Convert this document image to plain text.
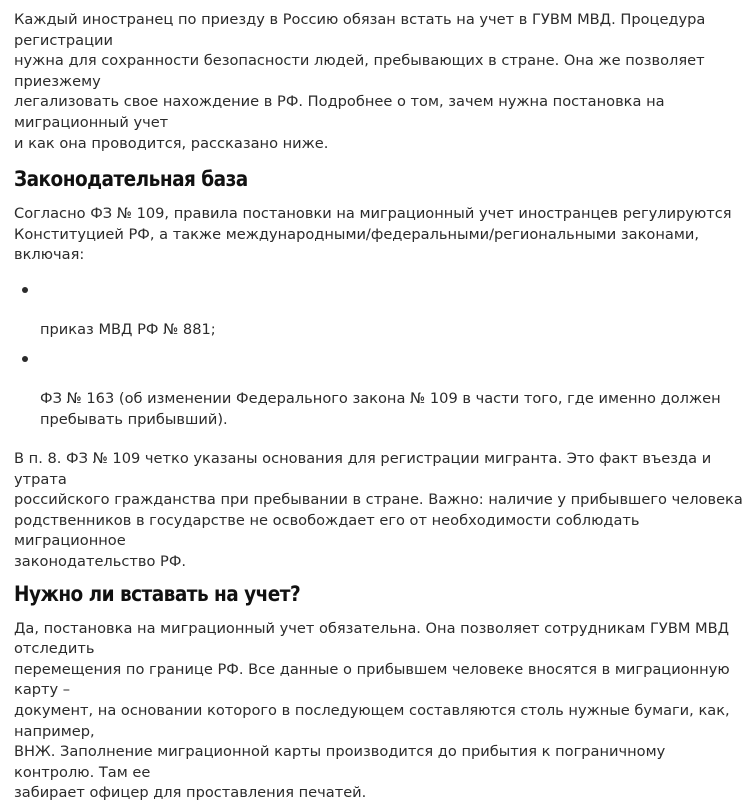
Каждый иностранец по приезду в Россию обязан встать на учет в ГУВМ МВД. Процедура регистрации
нужна для сохранности безопасности людей, пребывающих в стране. Она же позволяет приезжему
легализовать свое нахождение в РФ. Подробнее о том, зачем нужна постановка на миграционный учет
и как она проводится, рассказано ниже.

Законодательная база

Согласно ФЗ № 109, правила постановки на миграционный учет иностранцев регулируются
Конституцией РФ, а также международными/федеральными/региональными законами, включая:

приказ МВД РФ № 881;

ФЗ № 163 (об изменении Федерального закона № 109 в части того, где именно должен
пребывать прибывший).

В п. 8. ФЗ № 109 четко указаны основания для регистрации мигранта. Это факт въезда и утрата
российского гражданства при пребывании в стране. Важно: наличие у прибывшего человека
родственников в государстве не освобождает его от необходимости соблюдать миграционное
законодательство РФ.

Нужно ли вставать на учет?

Да, постановка на миграционный учет обязательна. Она позволяет сотрудникам ГУВМ МВД отследить
перемещения по границе РФ. Все данные о прибывшем человеке вносятся в миграционную карту –
документ, на основании которого в последующем составляются столь нужные бумаги, как, например,
ВНЖ. Заполнение миграционной карты производится до прибытия к пограничному контролю. Там ее
забирает офицер для проставления печатей.
